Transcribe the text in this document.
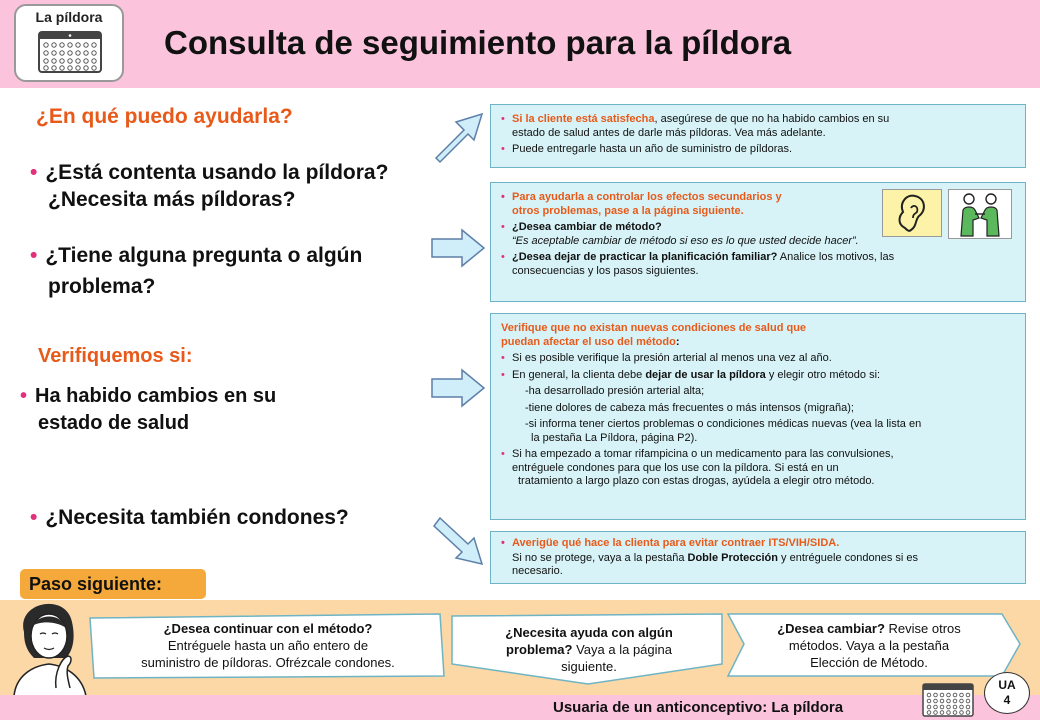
La píldora
Consulta de seguimiento para la píldora
¿En qué puedo ayudarla?
• ¿Está contenta usando la píldora?
¿Necesita más píldoras?
• ¿Tiene alguna pregunta o algún
problema?
Verifiquemos si:
• Ha habido cambios en su
estado de salud
• ¿Necesita también condones?
• Si la cliente está satisfecha, asegúrese de que no ha habido cambios en su
estado de salud antes de darle más píldoras. Vea más adelante.
• Puede entregarle hasta un año de suministro de píldoras.
• Para ayudarla a controlar los efectos secundarios y
otros problemas, pase a la página siguiente.
• ¿Desea cambiar de método?
“Es aceptable cambiar de método si eso es lo que usted decide hacer”.
• ¿Desea dejar de practicar la planificación familiar? Analice los motivos, las
consecuencias y los pasos siguientes.
Verifique que no existan nuevas condiciones de salud que
puedan afectar el uso del método:
• Si es posible verifique la presión arterial al menos una vez al año.
• En general, la clienta debe dejar de usar la píldora y elegir otro método si:
-ha desarrollado presión arterial alta;
-tiene dolores de cabeza más frecuentes o más intensos (migraña);
-si informa tener ciertos problemas o condiciones médicas nuevas (vea la lista en
la pestaña La Píldora, página P2).
• Si ha empezado a tomar rifampicina o un medicamento para las convulsiones,
entréguele condones para que los use con la píldora. Si está en un
tratamiento a largo plazo con estas drogas, ayúdela a elegir otro método.
• Averigüe qué hace la clienta para evitar contraer ITS/VIH/SIDA.
Si no se protege, vaya a la pestaña Doble Protección y entréguele condones si es
necesario.
Paso siguiente:
¿Desea continuar con el método?
Entréguele hasta un año entero de
suministro de píldoras. Ofrézcale condones.
¿Necesita ayuda con algún
problema? Vaya a la página
siguiente.
¿Desea cambiar? Revise otros
métodos. Vaya a la pestaña
Elección de Método.
Usuaria de un anticonceptivo: La píldora
UA
4
